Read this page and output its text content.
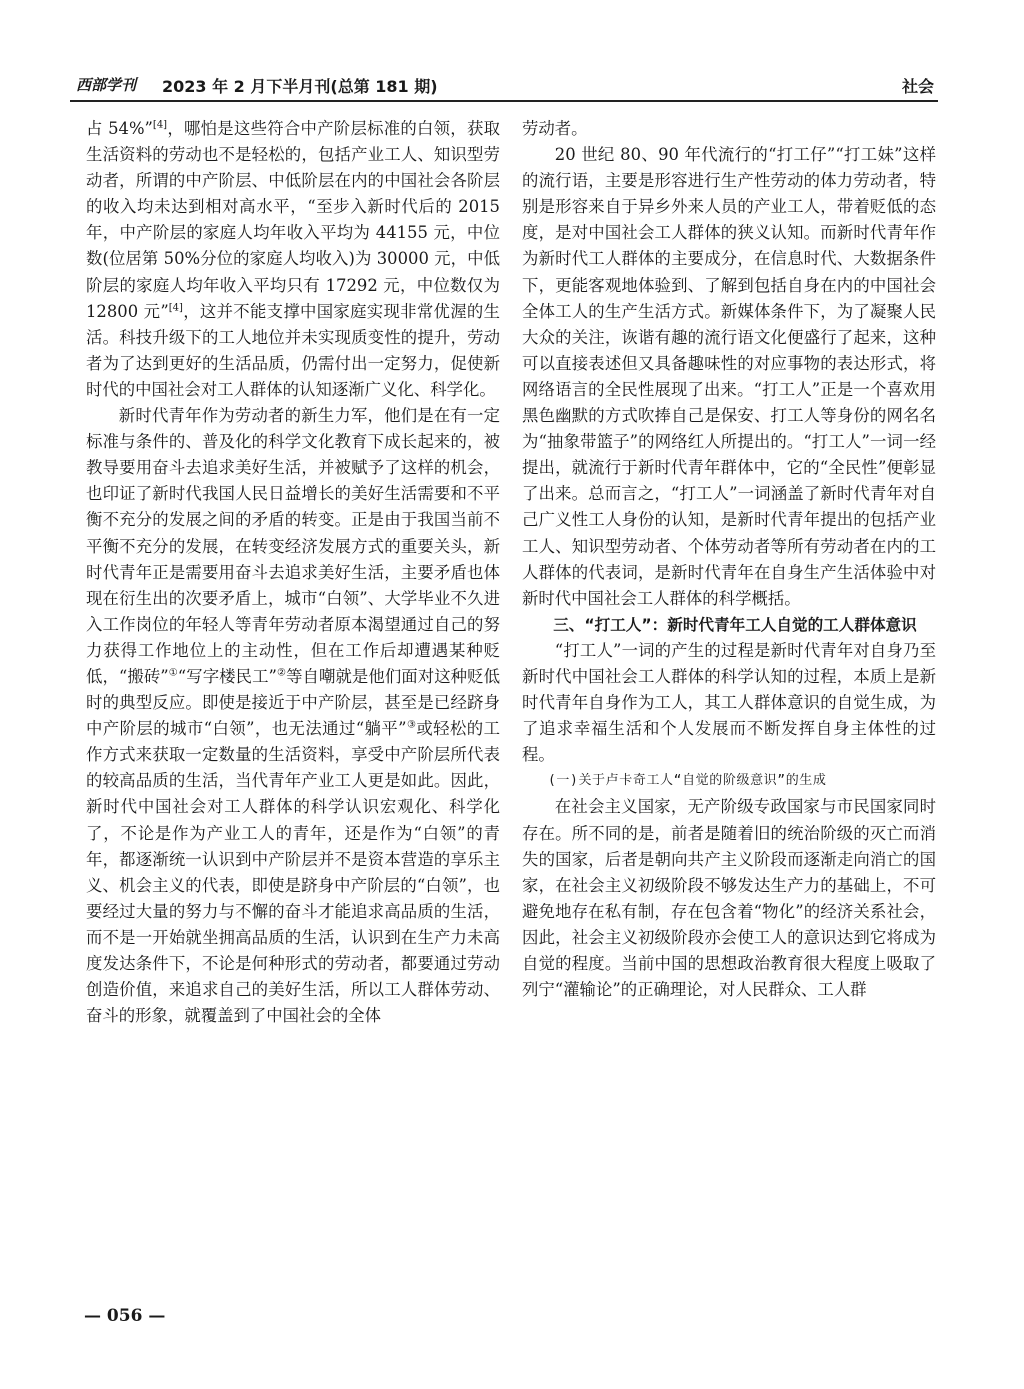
西部学刊 2023 年 2 月下半月刊(总第 181 期)	社会

占 54%”[4]，哪怕是这些符合中产阶层标准的白领，获取生活资料的劳动也不是轻松的，包括产业工人、知识型劳动者，所谓的中产阶层、中低阶层在内的中国社会各阶层的收入均未达到相对高水平，“至步入新时代后的 2015 年，中产阶层的家庭人均年收入平均为 44155 元，中位数(位居第 50%分位的家庭人均收入)为 30000 元，中低阶层的家庭人均年收入平均只有 17292 元，中位数仅为 12800 元”[4]，这并不能支撑中国家庭实现非常优渥的生活。科技升级下的工人地位并未实现质变性的提升，劳动者为了达到更好的生活品质，仍需付出一定努力，促使新时代的中国社会对工人群体的认知逐渐广义化、科学化。

新时代青年作为劳动者的新生力军，他们是在有一定标准与条件的、普及化的科学文化教育下成长起来的，被教导要用奋斗去追求美好生活，并被赋予了这样的机会，也印证了新时代我国人民日益增长的美好生活需要和不平衡不充分的发展之间的矛盾的转变。正是由于我国当前不平衡不充分的发展，在转变经济发展方式的重要关头，新时代青年正是需要用奋斗去追求美好生活，主要矛盾也体现在衍生出的次要矛盾上，城市“白领”、大学毕业不久进入工作岗位的年轻人等青年劳动者原本渴望通过自己的努力获得工作地位上的主动性，但在工作后却遭遇某种贬低，“搬砖”①“写字楼民工”②等自嘲就是他们面对这种贬低时的典型反应。即使是接近于中产阶层，甚至是已经跻身中产阶层的城市“白领”，也无法通过“躺平”③或轻松的工作方式来获取一定数量的生活资料，享受中产阶层所代表的较高品质的生活，当代青年产业工人更是如此。因此，新时代中国社会对工人群体的科学认识宏观化、科学化了，不论是作为产业工人的青年，还是作为“白领”的青年，都逐渐统一认识到中产阶层并不是资本营造的享乐主义、机会主义的代表，即使是跻身中产阶层的“白领”，也要经过大量的努力与不懈的奋斗才能追求高品质的生活，而不是一开始就坐拥高品质的生活，认识到在生产力未高度发达条件下，不论是何种形式的劳动者，都要通过劳动创造价值，来追求自己的美好生活，所以工人群体劳动、奋斗的形象，就覆盖到了中国社会的全体

劳动者。

20 世纪 80、90 年代流行的“打工仔”“打工妹”这样的流行语，主要是形容进行生产性劳动的体力劳动者，特别是形容来自于异乡外来人员的产业工人，带着贬低的态度，是对中国社会工人群体的狭义认知。而新时代青年作为新时代工人群体的主要成分，在信息时代、大数据条件下，更能客观地体验到、了解到包括自身在内的中国社会全体工人的生产生活方式。新媒体条件下，为了凝聚人民大众的关注，诙谐有趣的流行语文化便盛行了起来，这种可以直接表述但又具备趣味性的对应事物的表达形式，将网络语言的全民性展现了出来。“打工人”正是一个喜欢用黑色幽默的方式吹捧自己是保安、打工人等身份的网名名为“抽象带篮子”的网络红人所提出的。“打工人”一词一经提出，就流行于新时代青年群体中，它的“全民性”便彰显了出来。总而言之，“打工人”一词涵盖了新时代青年对自己广义性工人身份的认知，是新时代青年提出的包括产业工人、知识型劳动者、个体劳动者等所有劳动者在内的工人群体的代表词，是新时代青年在自身生产生活体验中对新时代中国社会工人群体的科学概括。

三、“打工人”：新时代青年工人自觉的工人群体意识

“打工人”一词的产生的过程是新时代青年对自身乃至新时代中国社会工人群体的科学认知的过程，本质上是新时代青年自身作为工人，其工人群体意识的自觉生成，为了追求幸福生活和个人发展而不断发挥自身主体性的过程。

(一)关于卢卡奇工人“自觉的阶级意识”的生成

在社会主义国家，无产阶级专政国家与市民国家同时存在。所不同的是，前者是随着旧的统治阶级的灭亡而消失的国家，后者是朝向共产主义阶段而逐渐走向消亡的国家，在社会主义初级阶段不够发达生产力的基础上，不可避免地存在私有制，存在包含着“物化”的经济关系社会，因此，社会主义初级阶段亦会使工人的意识达到它将成为自觉的程度。当前中国的思想政治教育很大程度上吸取了列宁“灌输论”的正确理论，对人民群众、工人群

— 056 —
